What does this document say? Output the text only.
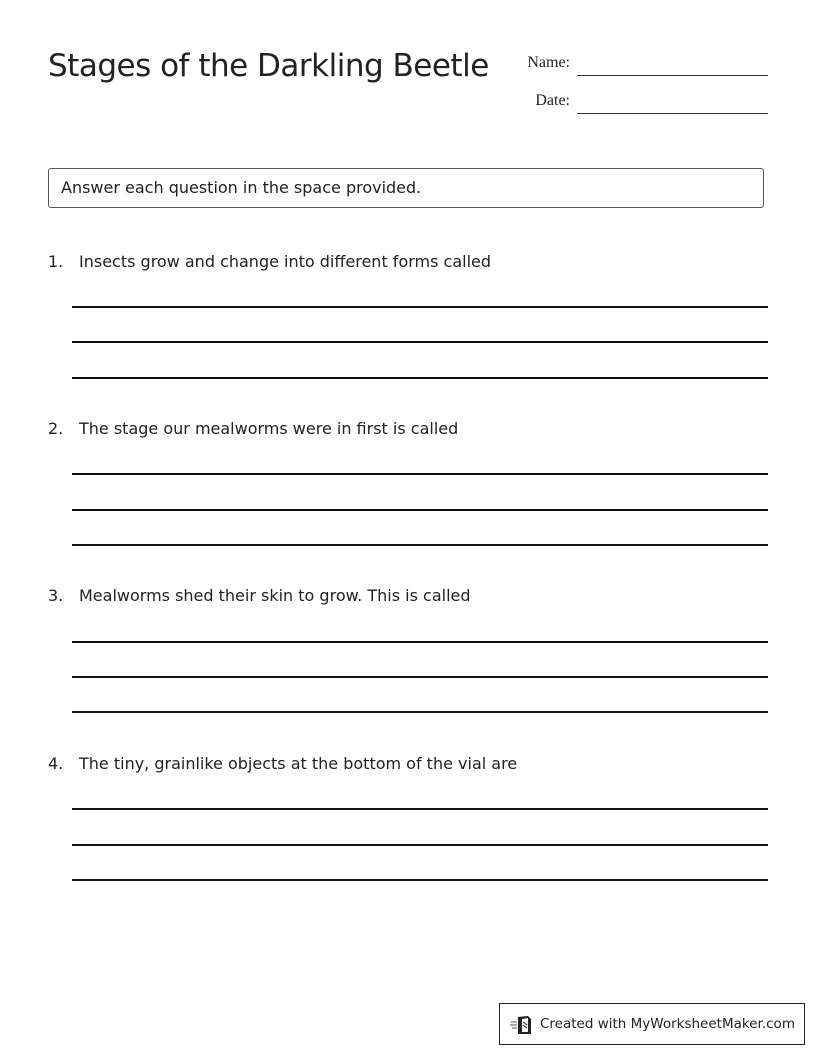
Stages of the Darkling Beetle Name:
Date:
Answer each question in the space provided.
1. Insects grow and change into different forms called
2. The stage our mealworms were in first is called
3. Mealworms shed their skin to grow. This is called
4. The tiny, grainlike objects at the bottom of the vial are
Created with MyWorksheetMaker.com
